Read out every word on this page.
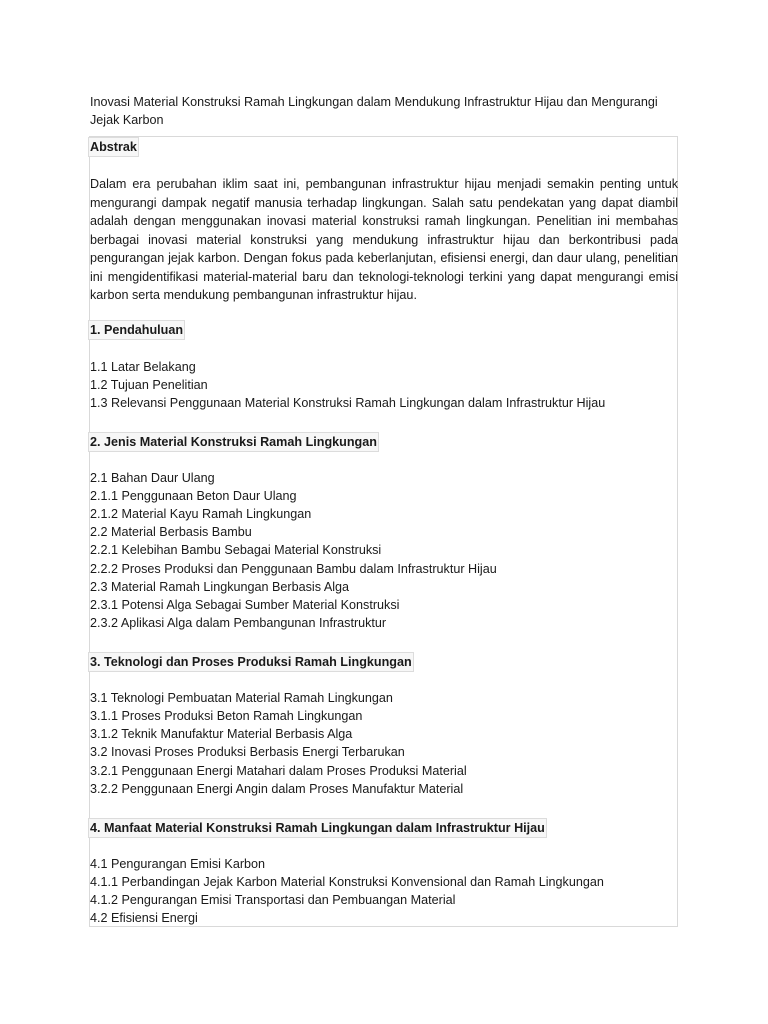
Inovasi Material Konstruksi Ramah Lingkungan dalam Mendukung Infrastruktur Hijau dan Mengurangi Jejak Karbon
Abstrak
Dalam era perubahan iklim saat ini, pembangunan infrastruktur hijau menjadi semakin penting untuk mengurangi dampak negatif manusia terhadap lingkungan. Salah satu pendekatan yang dapat diambil adalah dengan menggunakan inovasi material konstruksi ramah lingkungan. Penelitian ini membahas berbagai inovasi material konstruksi yang mendukung infrastruktur hijau dan berkontribusi pada pengurangan jejak karbon. Dengan fokus pada keberlanjutan, efisiensi energi, dan daur ulang, penelitian ini mengidentifikasi material-material baru dan teknologi-teknologi terkini yang dapat mengurangi emisi karbon serta mendukung pembangunan infrastruktur hijau.
1. Pendahuluan
1.1 Latar Belakang
1.2 Tujuan Penelitian
1.3 Relevansi Penggunaan Material Konstruksi Ramah Lingkungan dalam Infrastruktur Hijau
2. Jenis Material Konstruksi Ramah Lingkungan
2.1 Bahan Daur Ulang
2.1.1 Penggunaan Beton Daur Ulang
2.1.2 Material Kayu Ramah Lingkungan
2.2 Material Berbasis Bambu
2.2.1 Kelebihan Bambu Sebagai Material Konstruksi
2.2.2 Proses Produksi dan Penggunaan Bambu dalam Infrastruktur Hijau
2.3 Material Ramah Lingkungan Berbasis Alga
2.3.1 Potensi Alga Sebagai Sumber Material Konstruksi
2.3.2 Aplikasi Alga dalam Pembangunan Infrastruktur
3. Teknologi dan Proses Produksi Ramah Lingkungan
3.1 Teknologi Pembuatan Material Ramah Lingkungan
3.1.1 Proses Produksi Beton Ramah Lingkungan
3.1.2 Teknik Manufaktur Material Berbasis Alga
3.2 Inovasi Proses Produksi Berbasis Energi Terbarukan
3.2.1 Penggunaan Energi Matahari dalam Proses Produksi Material
3.2.2 Penggunaan Energi Angin dalam Proses Manufaktur Material
4. Manfaat Material Konstruksi Ramah Lingkungan dalam Infrastruktur Hijau
4.1 Pengurangan Emisi Karbon
4.1.1 Perbandingan Jejak Karbon Material Konstruksi Konvensional dan Ramah Lingkungan
4.1.2 Pengurangan Emisi Transportasi dan Pembuangan Material
4.2 Efisiensi Energi
